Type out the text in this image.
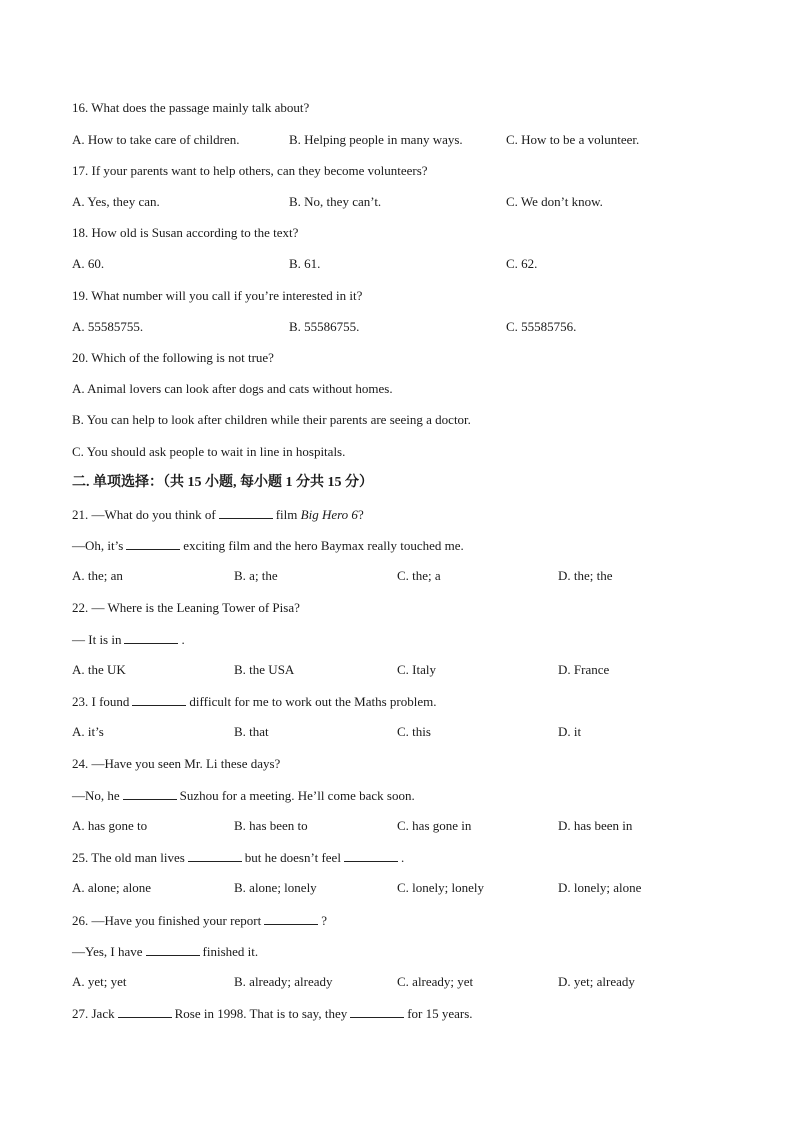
16. What does the passage mainly talk about?
A. How to take care of children.	B. Helping people in many ways.	C. How to be a volunteer.
17. If your parents want to help others, can they become volunteers?
A. Yes, they can.	B. No, they can’t.	C. We don’t know.
18. How old is Susan according to the text?
A. 60.	B. 61.	C. 62.
19. What number will you call if you’re interested in it?
A. 55585755.	B. 55586755.	C. 55585756.
20. Which of the following is not true?
A. Animal lovers can look after dogs and cats without homes.
B. You can help to look after children while their parents are seeing a doctor.
C. You should ask people to wait in line in hospitals.
二. 单项选择：（共 15 小题, 每小题 1 分共 15 分）
21. —What do you think of	film Big Hero 6?
—Oh, it’s	exciting film and the hero Baymax really touched me.
A. the; an	B. a; the	C. the; a	D. the; the
22. — Where is the Leaning Tower of Pisa?
— It is in	.
A. the UK	B. the USA	C. Italy	D. France
23. I found	difficult for me to work out the Maths problem.
A. it’s	B. that	C. this	D. it
24. —Have you seen Mr. Li these days?
—No, he	Suzhou for a meeting. He’ll come back soon.
A. has gone to	B. has been to	C. has gone in	D. has been in
25. The old man lives	but he doesn’t feel	.
A. alone; alone	B. alone; lonely	C. lonely; lonely	D. lonely; alone
26. —Have you finished your report	?
—Yes, I have	finished it.
A. yet; yet	B. already; already	C. already; yet	D. yet; already
27. Jack	Rose in 1998. That is to say, they	for 15 years.
